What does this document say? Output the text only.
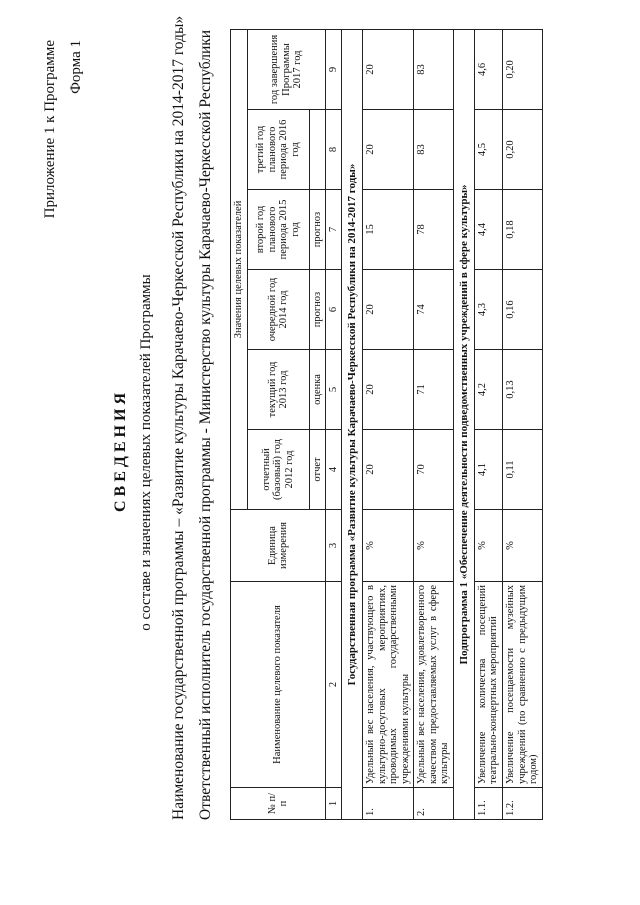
Приложение 1 к Программе Форма 1
С В Е Д Е Н И Я о составе и значениях целевых показателей Программы Наименование государственной программы – «Развитие культуры Карачаево-Черкесской Республики на 2014-2017 годы» Ответственный исполнитель государственной программы - Министерство культуры Карачаево-Черкесской Республики	№ п/п	Наименование целевого показателя	Единица измерения	Значения целевых показателей					
			отчетный (базовый) год 2012 год	текущий год 2013 год	очередной год 2014 год	второй год планового периода 2015 год	третий год планового периода 2016 год	год завершения Программы 2017 год
			отчет	оценка	прогноз	прогноз		
1	2	3	4	5	6	7	8	9
Государственная программа «Развитие культуры Карачаево-Черкесской Республики на 2014-2017 годы»								
1.	Удельный вес населения, участвующего в культурно-досуговых мероприятиях, проводимых государственными учреждениями культуры	%	20	20	20	15	20	20
2.	Удельный вес населения, удовлетворенного качеством предоставляемых услуг в сфере культуры	%	70	71	74	78	83	83
Подпрограмма 1 «Обеспечение деятельности подведомственных учреждений в сфере культуры»								
1.1.	Увеличение количества посещений театрально-концертных мероприятий	%	4,1	4,2	4,3	4,4	4,5	4,6
1.2.	Увеличение посещаемости музейных учреждений (по сравнению с предыдущим годом)	%	0,11	0,13	0,16	0,18	0,20	0,20
